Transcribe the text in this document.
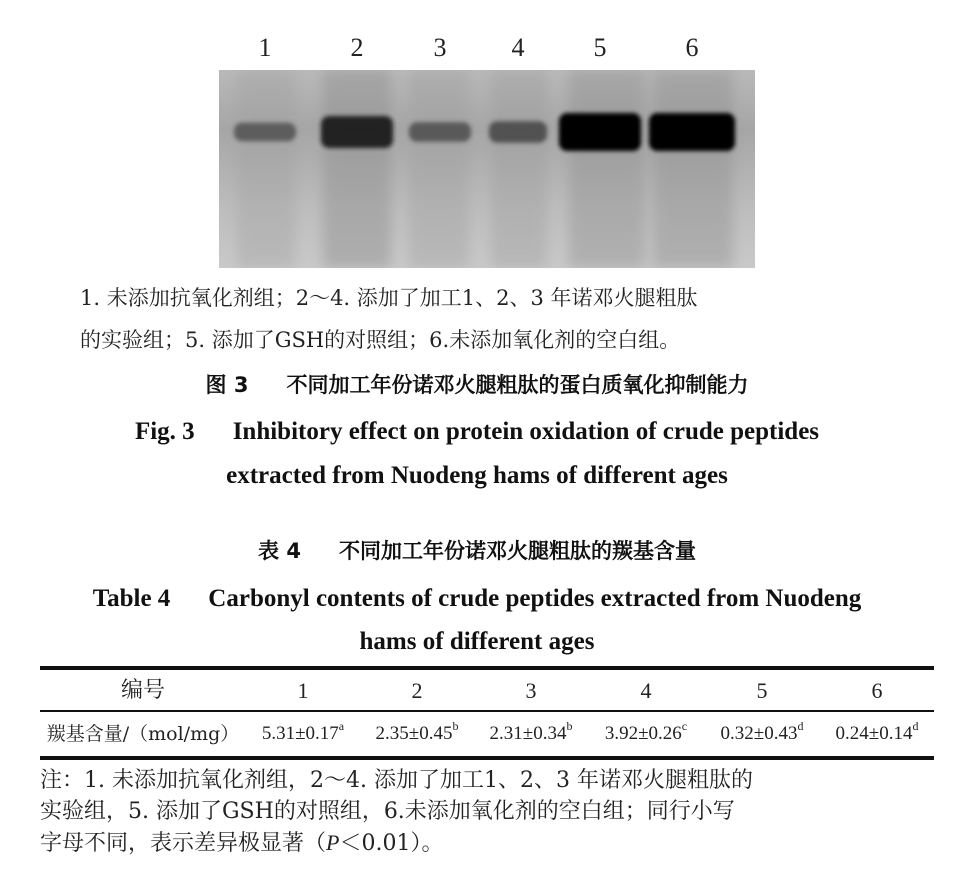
1	2	3	4	5	6
1. 未添加抗氧化剂组；2～4. 添加了加工1、2、3 年诺邓火腿粗肽
的实验组；5. 添加了GSH的对照组；6.未添加氧化剂的空白组。
图 3 不同加工年份诺邓火腿粗肽的蛋白质氧化抑制能力
Fig. 3 Inhibitory effect on protein oxidation of crude peptides
extracted from Nuodeng hams of different ages
表 4 不同加工年份诺邓火腿粗肽的羰基含量
Table 4 Carbonyl contents of crude peptides extracted from Nuodeng
hams of different ages
编号	1	2	3	4	5	6
羰基含量/（mol/mg）	5.31±0.17$^a$	2.35±0.45$^b$	2.31±0.34$^b$	3.92±0.26$^c$	0.32±0.43$^d$	0.24±0.14$^d$
注：1. 未添加抗氧化剂组，2～4. 添加了加工1、2、3 年诺邓火腿粗肽的
实验组，5. 添加了GSH的对照组，6.未添加氧化剂的空白组；同行小写
字母不同，表示差异极显著（P＜0.01）。
